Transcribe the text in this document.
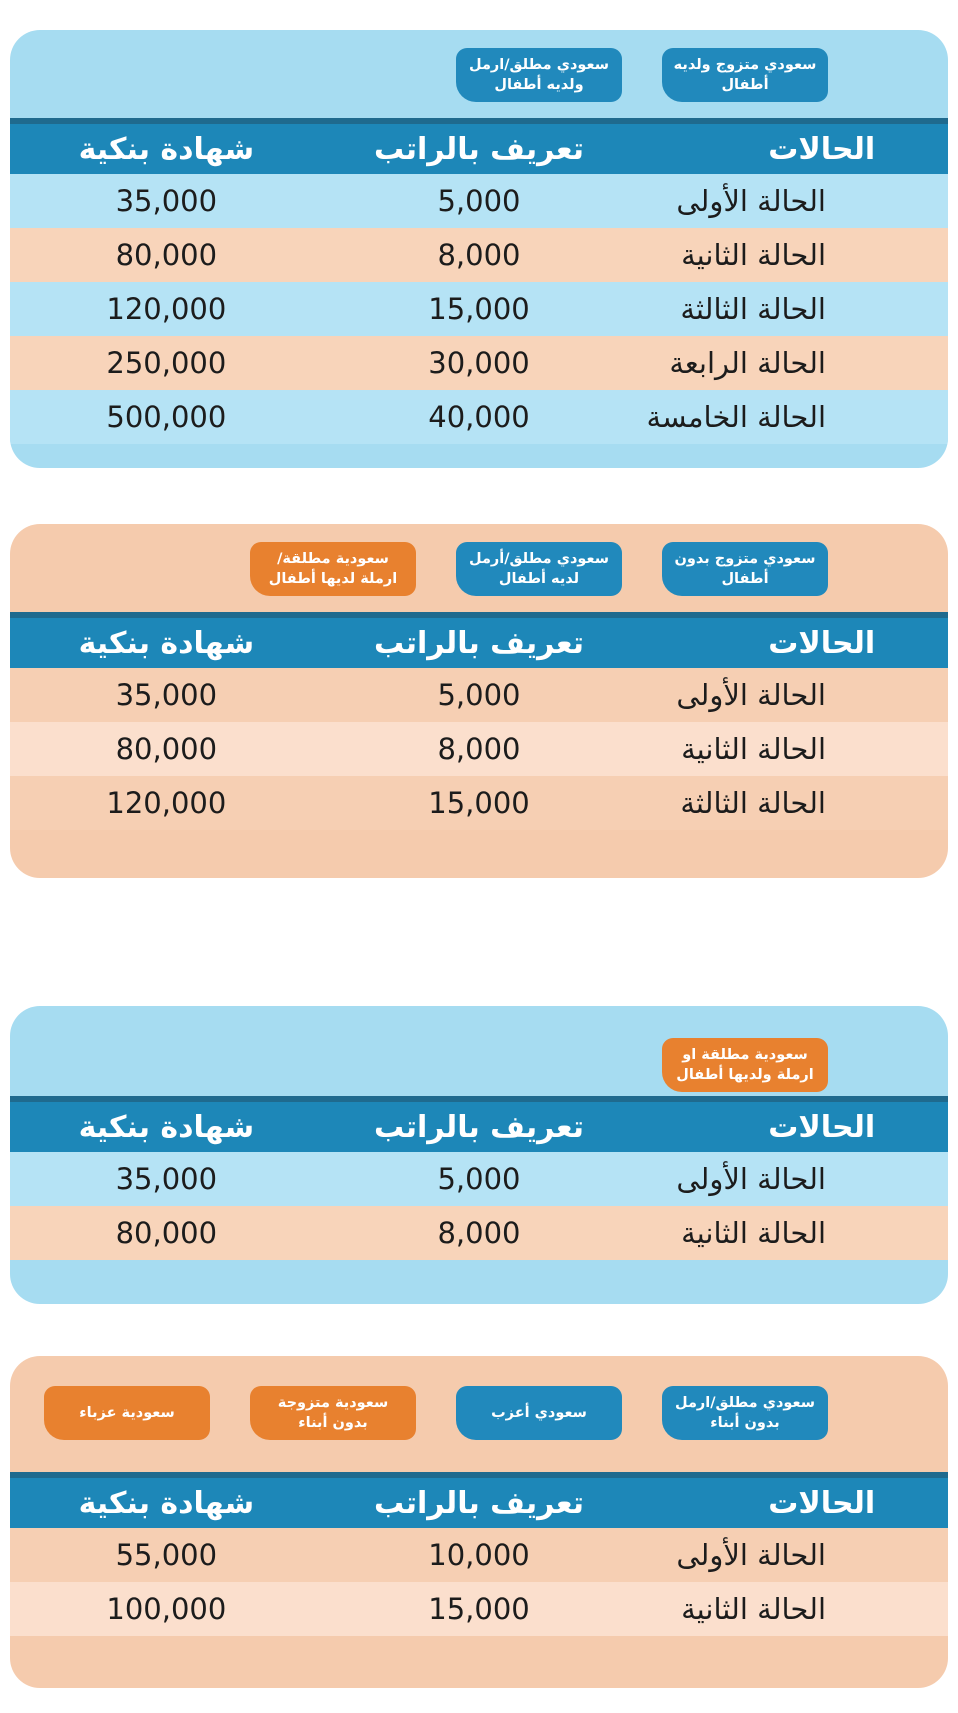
سعودي متزوج ولديه أطفال
سعودي مطلق/ارمل ولديه أطفال
الحالات
تعريف بالراتب
شهادة بنكية
الحالة الأولى
5,000
35,000
الحالة الثانية
8,000
80,000
الحالة الثالثة
15,000
120,000
الحالة الرابعة
30,000
250,000
الحالة الخامسة
40,000
500,000
سعودي متزوج بدون أطفال
سعودي مطلق/أرمل لديه أطفال
سعودية مطلقة/ارملة لديها أطفال
الحالات
تعريف بالراتب
شهادة بنكية
الحالة الأولى
5,000
35,000
الحالة الثانية
8,000
80,000
الحالة الثالثة
15,000
120,000
سعودية مطلقة او ارملة ولديها أطفال
الحالات
تعريف بالراتب
شهادة بنكية
الحالة الأولى
5,000
35,000
الحالة الثانية
8,000
80,000
سعودي مطلق/ارمل بدون أبناء
سعودي أعزب
سعودية متزوجة بدون أبناء
سعودية عزباء
الحالات
تعريف بالراتب
شهادة بنكية
الحالة الأولى
10,000
55,000
الحالة الثانية
15,000
100,000
